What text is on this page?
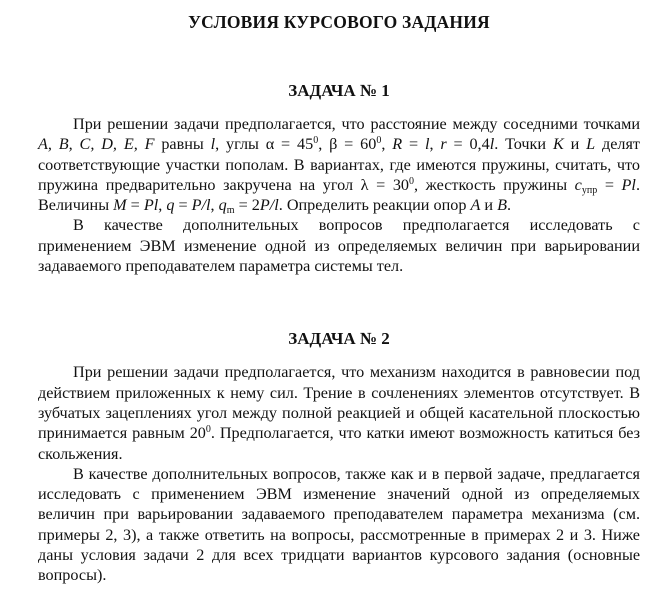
УСЛОВИЯ КУРСОВОГО ЗАДАНИЯ
ЗАДАЧА № 1

При решении задачи предполагается, что расстояние между соседними точками A, B, C, D, E, F равны l, углы $\alpha = 45^0$, $\beta = 60^0$, R = l, r = 0,4l. Точки K и L делят соответствующие участки пополам. В вариантах, где имеются пружины, считать, что пружина предварительно закручена на угол $\lambda = 30^0$, жесткость пружины $c_{упр} = Pl$. Величины M = Pl, q = P/l, $q_m = 2P/l$. Определить реакции опор A и B.

В качестве дополнительных вопросов предполагается исследовать с применением ЭВМ изменение одной из определяемых величин при варьировании задаваемого преподавателем параметра системы тел.

ЗАДАЧА № 2

При решении задачи предполагается, что механизм находится в равновесии под действием приложенных к нему сил. Трение в сочленениях элементов отсутствует. В зубчатых зацеплениях угол между полной реакцией и общей касательной плоскостью принимается равным $20^0$. Предполагается, что катки имеют возможность катиться без скольжения.

В качестве дополнительных вопросов, также как и в первой задаче, предлагается исследовать с применением ЭВМ изменение значений одной из определяемых величин при варьировании задаваемого преподавателем параметра механизма (см. примеры 2, 3), а также ответить на вопросы, рассмотренные в примерах 2 и 3. Ниже даны условия задачи 2 для всех тридцати вариантов курсового задания (основные вопросы).
